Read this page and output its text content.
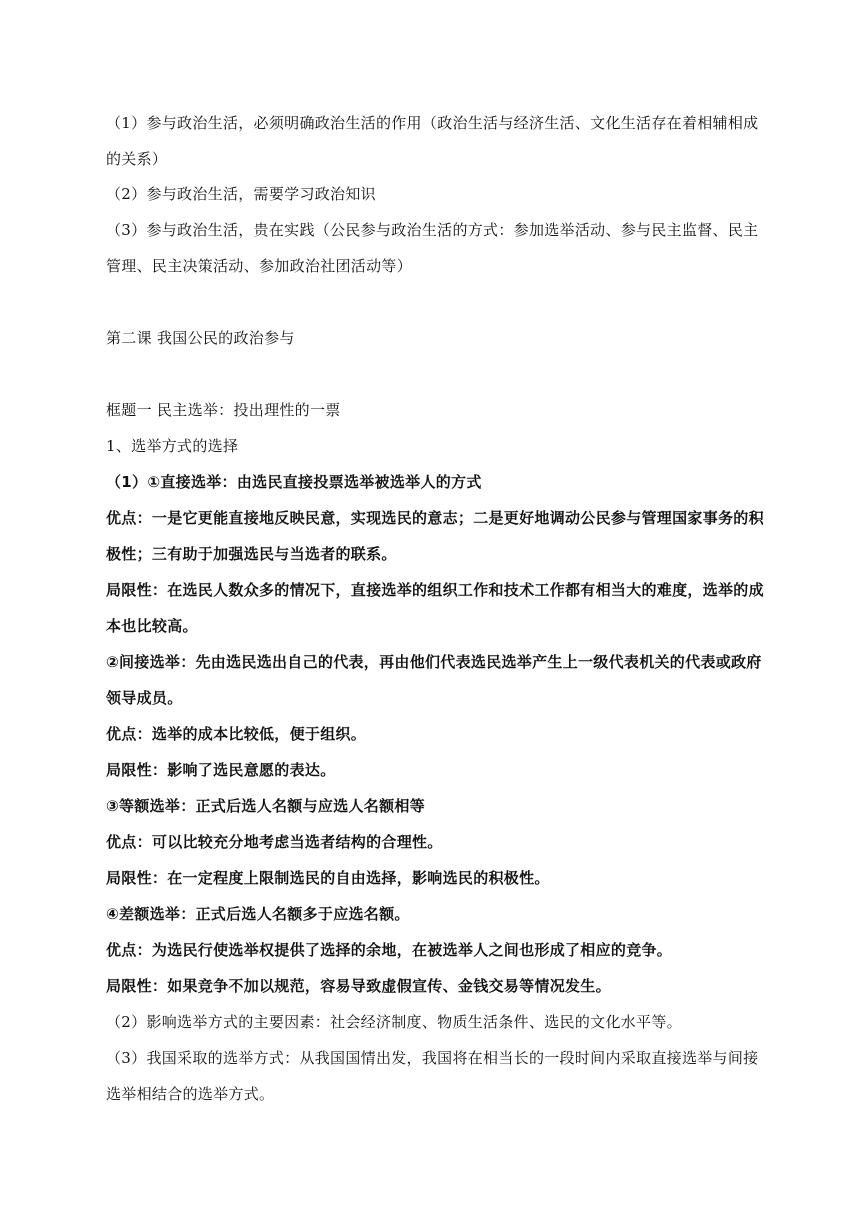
（1）参与政治生活，必须明确政治生活的作用（政治生活与经济生活、文化生活存在着相辅相成
的关系）
（2）参与政治生活，需要学习政治知识
（3）参与政治生活，贵在实践（公民参与政治生活的方式：参加选举活动、参与民主监督、民主
管理、民主决策活动、参加政治社团活动等）
第二课 我国公民的政治参与
框题一 民主选举：投出理性的一票
1、选举方式的选择
（1）①直接选举：由选民直接投票选举被选举人的方式
优点：一是它更能直接地反映民意，实现选民的意志；二是更好地调动公民参与管理国家事务的积
极性；三有助于加强选民与当选者的联系。
局限性：在选民人数众多的情况下，直接选举的组织工作和技术工作都有相当大的难度，选举的成
本也比较高。
②间接选举：先由选民选出自己的代表，再由他们代表选民选举产生上一级代表机关的代表或政府
领导成员。
优点：选举的成本比较低，便于组织。
局限性：影响了选民意愿的表达。
③等额选举：正式后选人名额与应选人名额相等
优点：可以比较充分地考虑当选者结构的合理性。
局限性：在一定程度上限制选民的自由选择，影响选民的积极性。
④差额选举：正式后选人名额多于应选名额。
优点：为选民行使选举权提供了选择的余地，在被选举人之间也形成了相应的竞争。
局限性：如果竞争不加以规范，容易导致虚假宣传、金钱交易等情况发生。
（2）影响选举方式的主要因素：社会经济制度、物质生活条件、选民的文化水平等。
（3）我国采取的选举方式：从我国国情出发，我国将在相当长的一段时间内采取直接选举与间接
选举相结合的选举方式。
